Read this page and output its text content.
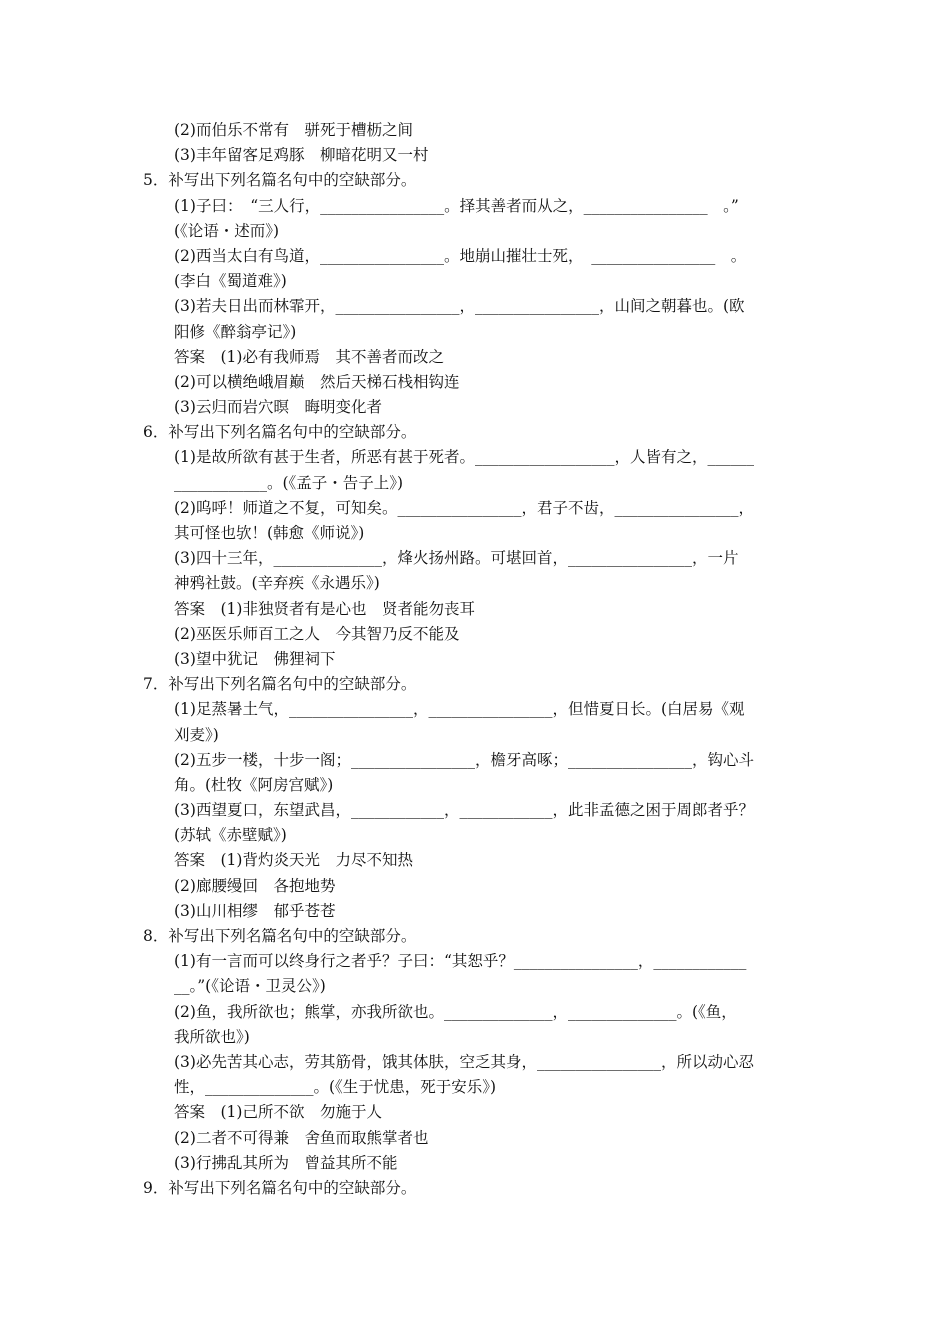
(2)而伯乐不常有　骈死于槽枥之间
(3)丰年留客足鸡豚　柳暗花明又一村
5．补写出下列名篇名句中的空缺部分。
(1)子曰：　“三人行，________________。择其善者而从之，________________　。”
(《论语・述而》)
(2)西当太白有鸟道，________________。地崩山摧壮士死，　________________　。
(李白《蜀道难》)
(3)若夫日出而林霏开，________________，________________，山间之朝暮也。(欧
阳修《醉翁亭记》)
答案　(1)必有我师焉　其不善者而改之
(2)可以横绝峨眉巅　然后天梯石栈相钩连
(3)云归而岩穴暝　晦明变化者
6．补写出下列名篇名句中的空缺部分。
(1)是故所欲有甚于生者，所恶有甚于死者。__________________，人皆有之，______
____________。(《孟子・告子上》)
(2)呜呼！师道之不复，可知矣。________________，君子不齿，________________，
其可怪也欤！(韩愈《师说》)
(3)四十三年，______________，烽火扬州路。可堪回首，________________，一片
神鸦社鼓。(辛弃疾《永遇乐》)
答案　(1)非独贤者有是心也　贤者能勿丧耳
(2)巫医乐师百工之人　今其智乃反不能及
(3)望中犹记　佛狸祠下
7．补写出下列名篇名句中的空缺部分。
(1)足蒸暑土气，________________，________________，但惜夏日长。(白居易《观
刈麦》)
(2)五步一楼，十步一阁；________________，檐牙高啄；________________，钩心斗
角。(杜牧《阿房宫赋》)
(3)西望夏口，东望武昌，____________，____________，此非孟德之困于周郎者乎？
(苏轼《赤壁赋》)
答案　(1)背灼炎天光　力尽不知热
(2)廊腰缦回　各抱地势
(3)山川相缪　郁乎苍苍
8．补写出下列名篇名句中的空缺部分。
(1)有一言而可以终身行之者乎？子曰：“其恕乎？________________，____________
__。”(《论语・卫灵公》)
(2)鱼，我所欲也；熊掌，亦我所欲也。______________，______________。(《鱼，
我所欲也》)
(3)必先苦其心志，劳其筋骨，饿其体肤，空乏其身，________________，所以动心忍
性，______________。(《生于忧患，死于安乐》)
答案　(1)己所不欲　勿施于人
(2)二者不可得兼　舍鱼而取熊掌者也
(3)行拂乱其所为　曾益其所不能
9．补写出下列名篇名句中的空缺部分。
